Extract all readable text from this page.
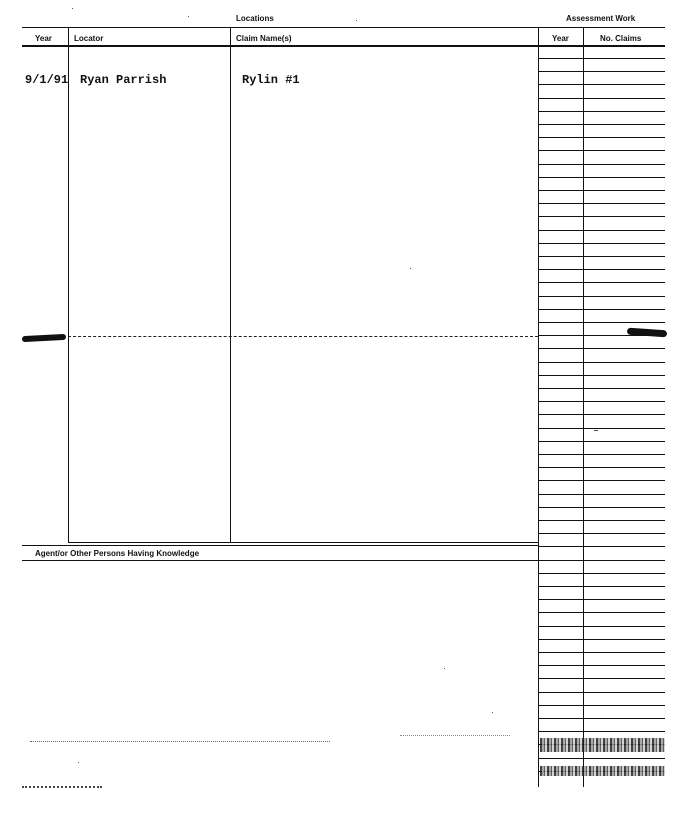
Locations	Assessment Work
Year	Locator	Claim Name(s)	Year	No. Claims
9/1/91 Ryan Parrish	Rylin #1
Agent/or Other Persons Having Knowledge
